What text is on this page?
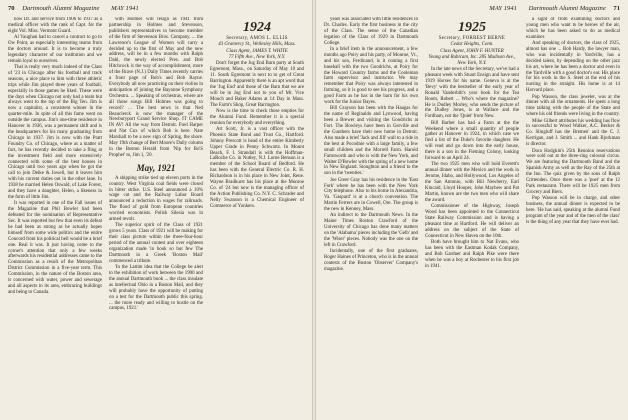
70 Dartmouth Alumni Magazine MAY 1941

how Dr. and service from 1906 to 1937 as a medical officer with the rank of Capt. for the eight Vol. Miss. Vermont Guard.

Al Vaughan had to cancel a contract to go to Ow Point, as especially interesting teams from the doctors around. It is to become a truly legendary character of our institution and we remain loyal to ourselves.

That is really very much indeed of the Class of '23 in Chicago after his football and track seasons, a nice place to him with three athletic trips while Jim played three years of football, especially in those games he liked. These were the days when Chicago not only had a team but always went to the top of the Big Ten. Jim is now a capitalist, a consistent winner in the quarter-mile. In spite of all this fame went on outside the campus. Jim's one-time residence in Hanover in 1936, was a permanent shift and is the headquarters for his many graduating from Chicago in 1937. Jim is now with the Pratt Foundry Co. of Chicago, where as a matter of fact, he has recently decided to take a fling at the investment field and more extensively connected with some of the best houses in Chicago until two years ago when he got the call to join Deike & Jowell, but it leaves him with his current duties out in the other lane. In 1938 he married Helen Oswald, of Lake Forest, and they have a daughter, Helen, a likeness in the form of little Jim.

It was reported in one of the Fall issues of the Magazine that Phil Bowler had been defeated for the nomination of Representative Sec. It was reported but few that even its defeat he had been as strong as he actually hopes himself from some wide politics and the entire Concord front his political bell would be a brief one. Real it was. It just having come to the corner's attention that only a few weeks afterwards his residential addresses came to the Commission as a result of the Metropolitan District Commission in a five-year term. This Commission, in the nature of the Boston area, is concerned with water, power and sewerage and all aspects in its area, embracing buildings and being to Canada.

with Holmes will resign as 1941 from partnership in Holmes and Stevenson, publishers representatives to become member of the firm of Stevenson Bros. Company. ... the Lawrence's League of Women will carry a decided up to the first of May and the new address, will be in a few months with Ralph Dahl, the newly elected Pres. and Bob Hitchcock is the way of accomplishment, more of the Brave (N.J.) Daily Times recently carries a front page of Bob's and Bob Rayne. Everybody all now practicing on their violins in anticipation of joining the Bayonne Symphony Orchestra. ... Speaking of orchestras, where are all those songs Bill Holmes was going to record? ... The best news is that Ned Beauclerck is now the manager of the Newburyport Grand Service Shop. IT CAME IN AV! All the way from Detroit. Fred Harper and Nat Cox of which Bob is here. Nate Marshall to be a new sign of Spring, the shore. May 19th change of Bert Moore's Daily column in the Boston Herald from 'Nip for Bo'S Prophet' to, Jim 1, '20.

May, 1921

A shipping strike tied up eleven ports in the country. West Virginia coal fields were closed in bitter strike. U.S. Steel announced a 10% wage cut and the Railway Labor Board announced a reduction in wages for railroads. The flood of gold from European countries worried economists. Polish Silesia was in armed revolt.

The superior spirit of the Class of 1921 grows 5 years. Class of 1921 will be making for their class picture within the three-four-hour period of the annual contest and over eighteen organization made 'in book so but few The Dartmouth in a Greek 'Boston Mail' commenced a tribute.

'In the Lattim idea that the College be alert to the exhibition of work between the 1900 and the annual Dartmouth book ... the class insulate as intellectual Ohio in a Boston Mail, and they will probably have the opportunity of putting on a test for the Dartmouth public this spring. ... the more ready and willing to hustle on the campus, 1921.'

1924

Secretary, AMOS L. ELLIS

43 Gramercy St., Wellesley Hills, Mass.

Class Agent, JAMES T. WHITE

77 Fifth Ave., New York, N.Y.

Don't forget the Jug End Barn party at South Egremont, Mass., on Saturday of May 10 and 11. South Egremont is next to to get of Great Barrington. Apparently there is an apt word that the 'Jug End' and those of the Barn that we are will be in Jug End not to you of Mr. Vice Mouch and Baker Adams at 14 Day in Mass. The Farm's Shop, Great Barrington.

Now is the time to check those empties for the Alumni Fund. Remember it is a special reunion for everybody and everything.

Art Scott, Jr. is a vast officer with the Phoenix State Bond and Trust Co., Hartford. Johnny Prescott is head of the entire Kimberly Upper Grade in Penny Schwartz. In Mount Beach, F. I. Strandall is with the Hoffman-LaRoche Co. in Nutley, N.J. Lorne Benson is a member of the School Board of Bedford. He has been with the General Electric Co. R. H. Richardson is in his place in New Joint, Rene. Wayne Bradhurst has his place at the Monroe Co. of '24 but now is the managing officer of the Action Publishing Co. N.Y. C. Schrader and Nelly Swanson is a Chemical Engineer of Commerce of Yonkers.

MAY 1941 Dartmouth Alumni Magazine 71

years was associated with little residences in Dr. Charles. Early the first business in the city of the Class. The sense of the Canadian legation of the Class of 1929 in Dartmouth College.

In a brief item in the announcement, a few months ago Poiry and his party, of Monroe, Vt., and his son, Ferdinand, is it coming a first baseball with the two Goodrichs, at Poiry for the Howard Country farms and the Cooleman farm supervisor and instructor. We may remember that Poiry was always interested in farming, so it is good to see his progress, and a good Farm as he has in the barn for his own work for the Junior Bayes.

Bill Grayson has been with the Haagas for the name of Reginaldo and Lynwood, having been a Brewer and visiting the Goodrichs at Fort. The Bowleys have been in Gerville and the Gunthers have their new home in Detroit. Also made a brief 'Jack and Jill' wall to a ride in the best at Pocodnie with a large family, a few small children and the Morrell Farm. Harold Farnsworth and who is with the New York, and Walter D'Bowler with the spring of a new home in New England. Stoughton and a friend to the son in the 'twenties.'

Joe Greer Gray has his residence in the 'East Fork' where he has been with the New York City telephone. Also to his home in Alexandria, Va. 'Gaspard' is at a church convention. The Martin Ferrers are in Cowell, Ore. The group is the new in Kenney, Mass.

An indirect to the Dartmouth News. In the Maine Times Boston Crawford of the University of Chicago has done many matters on the 'Alabama' pieces including the 'Gelb' and the 'Wiser' pieces. Nobody was the one on the left in Crawford.

Incidentally, one of the first graduates, Roger Haines of Princeton, who is in the annual contests of the Boston 'Observer' Company's magazine.

1925

Secretary, FORREST BERNE

Cedar Heights, Conn.

Class Agent, JOHN F. HUNTER

Young and Rubicam, Inc. 285 Madison Ave., New York, N.Y.

In the late news of the Secretary, we've had a pleasant week with Stuart Ensign and have sent 1919 Horses for his name. Geneva is at the 'Bevy' with the bestseller of the early year of Ronald Vanderbilt's year book for the Tea Room, Robert ... Who's where the magazine? He is Dudley Morley, who sends the picture of the Dudley Jones, is at Wallace and the Fordham, not the 'Quiet' from New.

Bill Barber has had a Farm at the the Weekend where a small quantity of people gather at Hanover in 1924, in which case we find a list of the Duke's favorite daughter. He will read and go down into the early house, there is a son in the Fleming Colony, looking forward to an April 24.

The two 1925 men who will hold Everett's annual dinner with the Mexico and the work in Jerome, Idaho, and Hollywood, Los Angeles of the San Antonio, with Bill Newberry, Earl Kincaid, Lloyd Hooper, John Mayhew and Pat Martin, known are the two men who will share the award.

Commissioner of the Highway, Joseph Wood has been appointed to the Connecticut State Railway Commission and is having a pleasant time at Hartford. He will deliver an address on the subject of the State of Connecticut in New Haven on the 10th.

Both have brought him to Nat Evans, who has been with the Eastman Kodak Company, and Bob Gardner and Ralph Pike were there when he was a boy at Rochester to his first job in 1941.

a sight of from examining doctors and young men who want to be heroes of the air, which he has been asked to do as medical examiner.

And speaking of doctors, the class of 1925, almost has one ... Bob Hardy, the lawyer man, who was incidentally in Yardville, has a decided talent, by depending on the other jazz his art, where he has been a doctor and even in the Yardville with a good doctor's ear. His place for his work in the S. Steel at the end of his nursing in the straight. His home is at 14 Harvard place.

Pop Wasson, the class jeweler, was at the dinner with all the ornaments. He spent a long time talking with the people of the State and where his old friends were living in the country.

Mike Gilbert attributes his wedding has flow in successful to Wood Walker, A.C. Becker & Co. Slingluff has the Bremen' and the C. J. Kerrigan, and J. Smith ... and Hank Bjorkman is director.

Dora Hodgkin's 25th Reunion reservations were sold out at the three-ring colossal circus. We are featuring the Dartmouth Band and the Spanish Army as well as the Ray of the 25th at the Inn. The quiz given by the sons of Ralph Crittenden. Once there was a 'poet' at the 12 Park restaurant. There will be 1925 men from Grocery and Biers.

Pop Wasson will be in charge, and other business, the annual dinner is expected to be here. 'He has said, speaking at the alumni Fund program of the year and of the men of the class' is the thing of any year that they have ever had.
